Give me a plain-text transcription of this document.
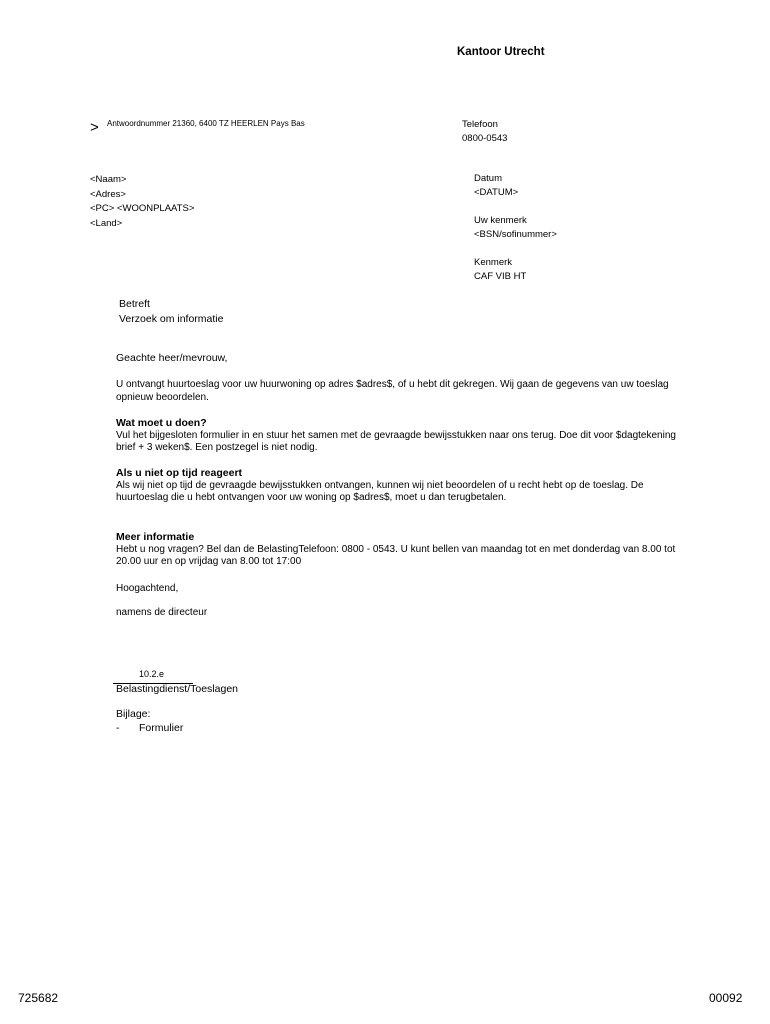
Kantoor Utrecht
> Antwoordnummer 21360, 6400 TZ HEERLEN Pays Bas	Telefoon
0800-0543
<Naam>
<Adres>
<PC> <WOONPLAATS>
<Land>
Datum
<DATUM>
Uw kenmerk
<BSN/sofinummer>
Kenmerk
CAF VIB HT
Betreft
Verzoek om informatie
Geachte heer/mevrouw,
U ontvangt huurtoeslag voor uw huurwoning op adres $adres$, of u hebt dit gekregen. Wij gaan de gegevens van uw toeslag opnieuw beoordelen.
Wat moet u doen?
Vul het bijgesloten formulier in en stuur het samen met de gevraagde bewijsstukken naar ons terug. Doe dit voor $dagtekening brief + 3 weken$. Een postzegel is niet nodig.
Als u niet op tijd reageert
Als wij niet op tijd de gevraagde bewijsstukken ontvangen, kunnen wij niet beoordelen of u recht hebt op de toeslag. De huurtoeslag die u hebt ontvangen voor uw woning op $adres$, moet u dan terugbetalen.
Meer informatie
Hebt u nog vragen? Bel dan de BelastingTelefoon: 0800 - 0543. U kunt bellen van maandag tot en met donderdag van 8.00 tot 20.00 uur en op vrijdag van 8.00 tot 17:00
Hoogachtend,
namens de directeur
10.2.e
Belastingdienst/Toeslagen
Bijlage:
- Formulier
725682	00092
